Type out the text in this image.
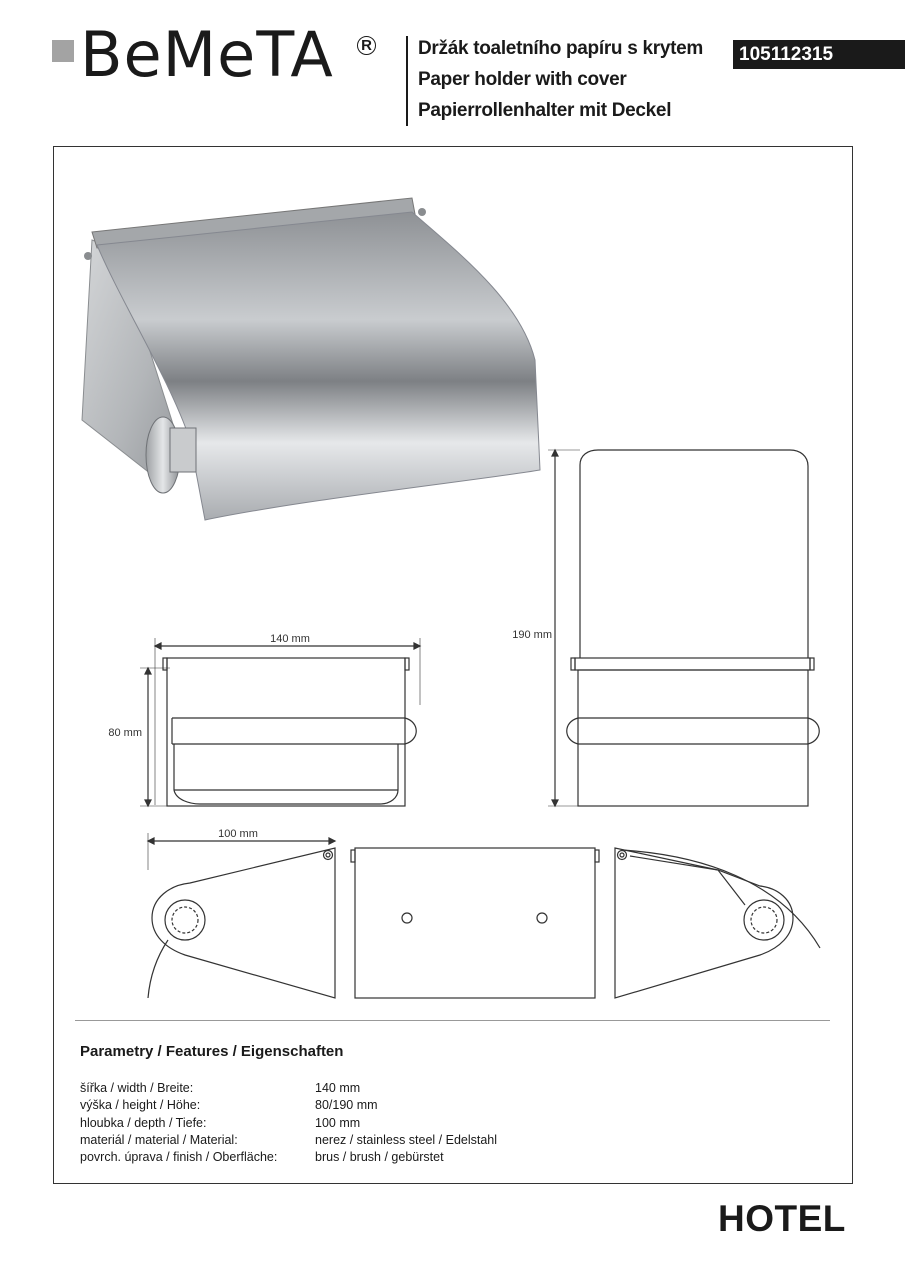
BeMeTA R Držák toaletního papíru s krytem
Paper holder with cover
Papierrollenhalter mit Deckel
105112315
140 mm
80 mm
190 mm
100 mm
Parametry / Features / Eigenschaften
šířka / width / Breite:	140 mm
výška / height / Höhe:	80/190 mm
hloubka / depth / Tiefe:	100 mm
materiál / material / Material:	nerez / stainless steel / Edelstahl
povrch. úprava / finish / Oberfläche:	brus / brush / gebürstet
HOTEL
